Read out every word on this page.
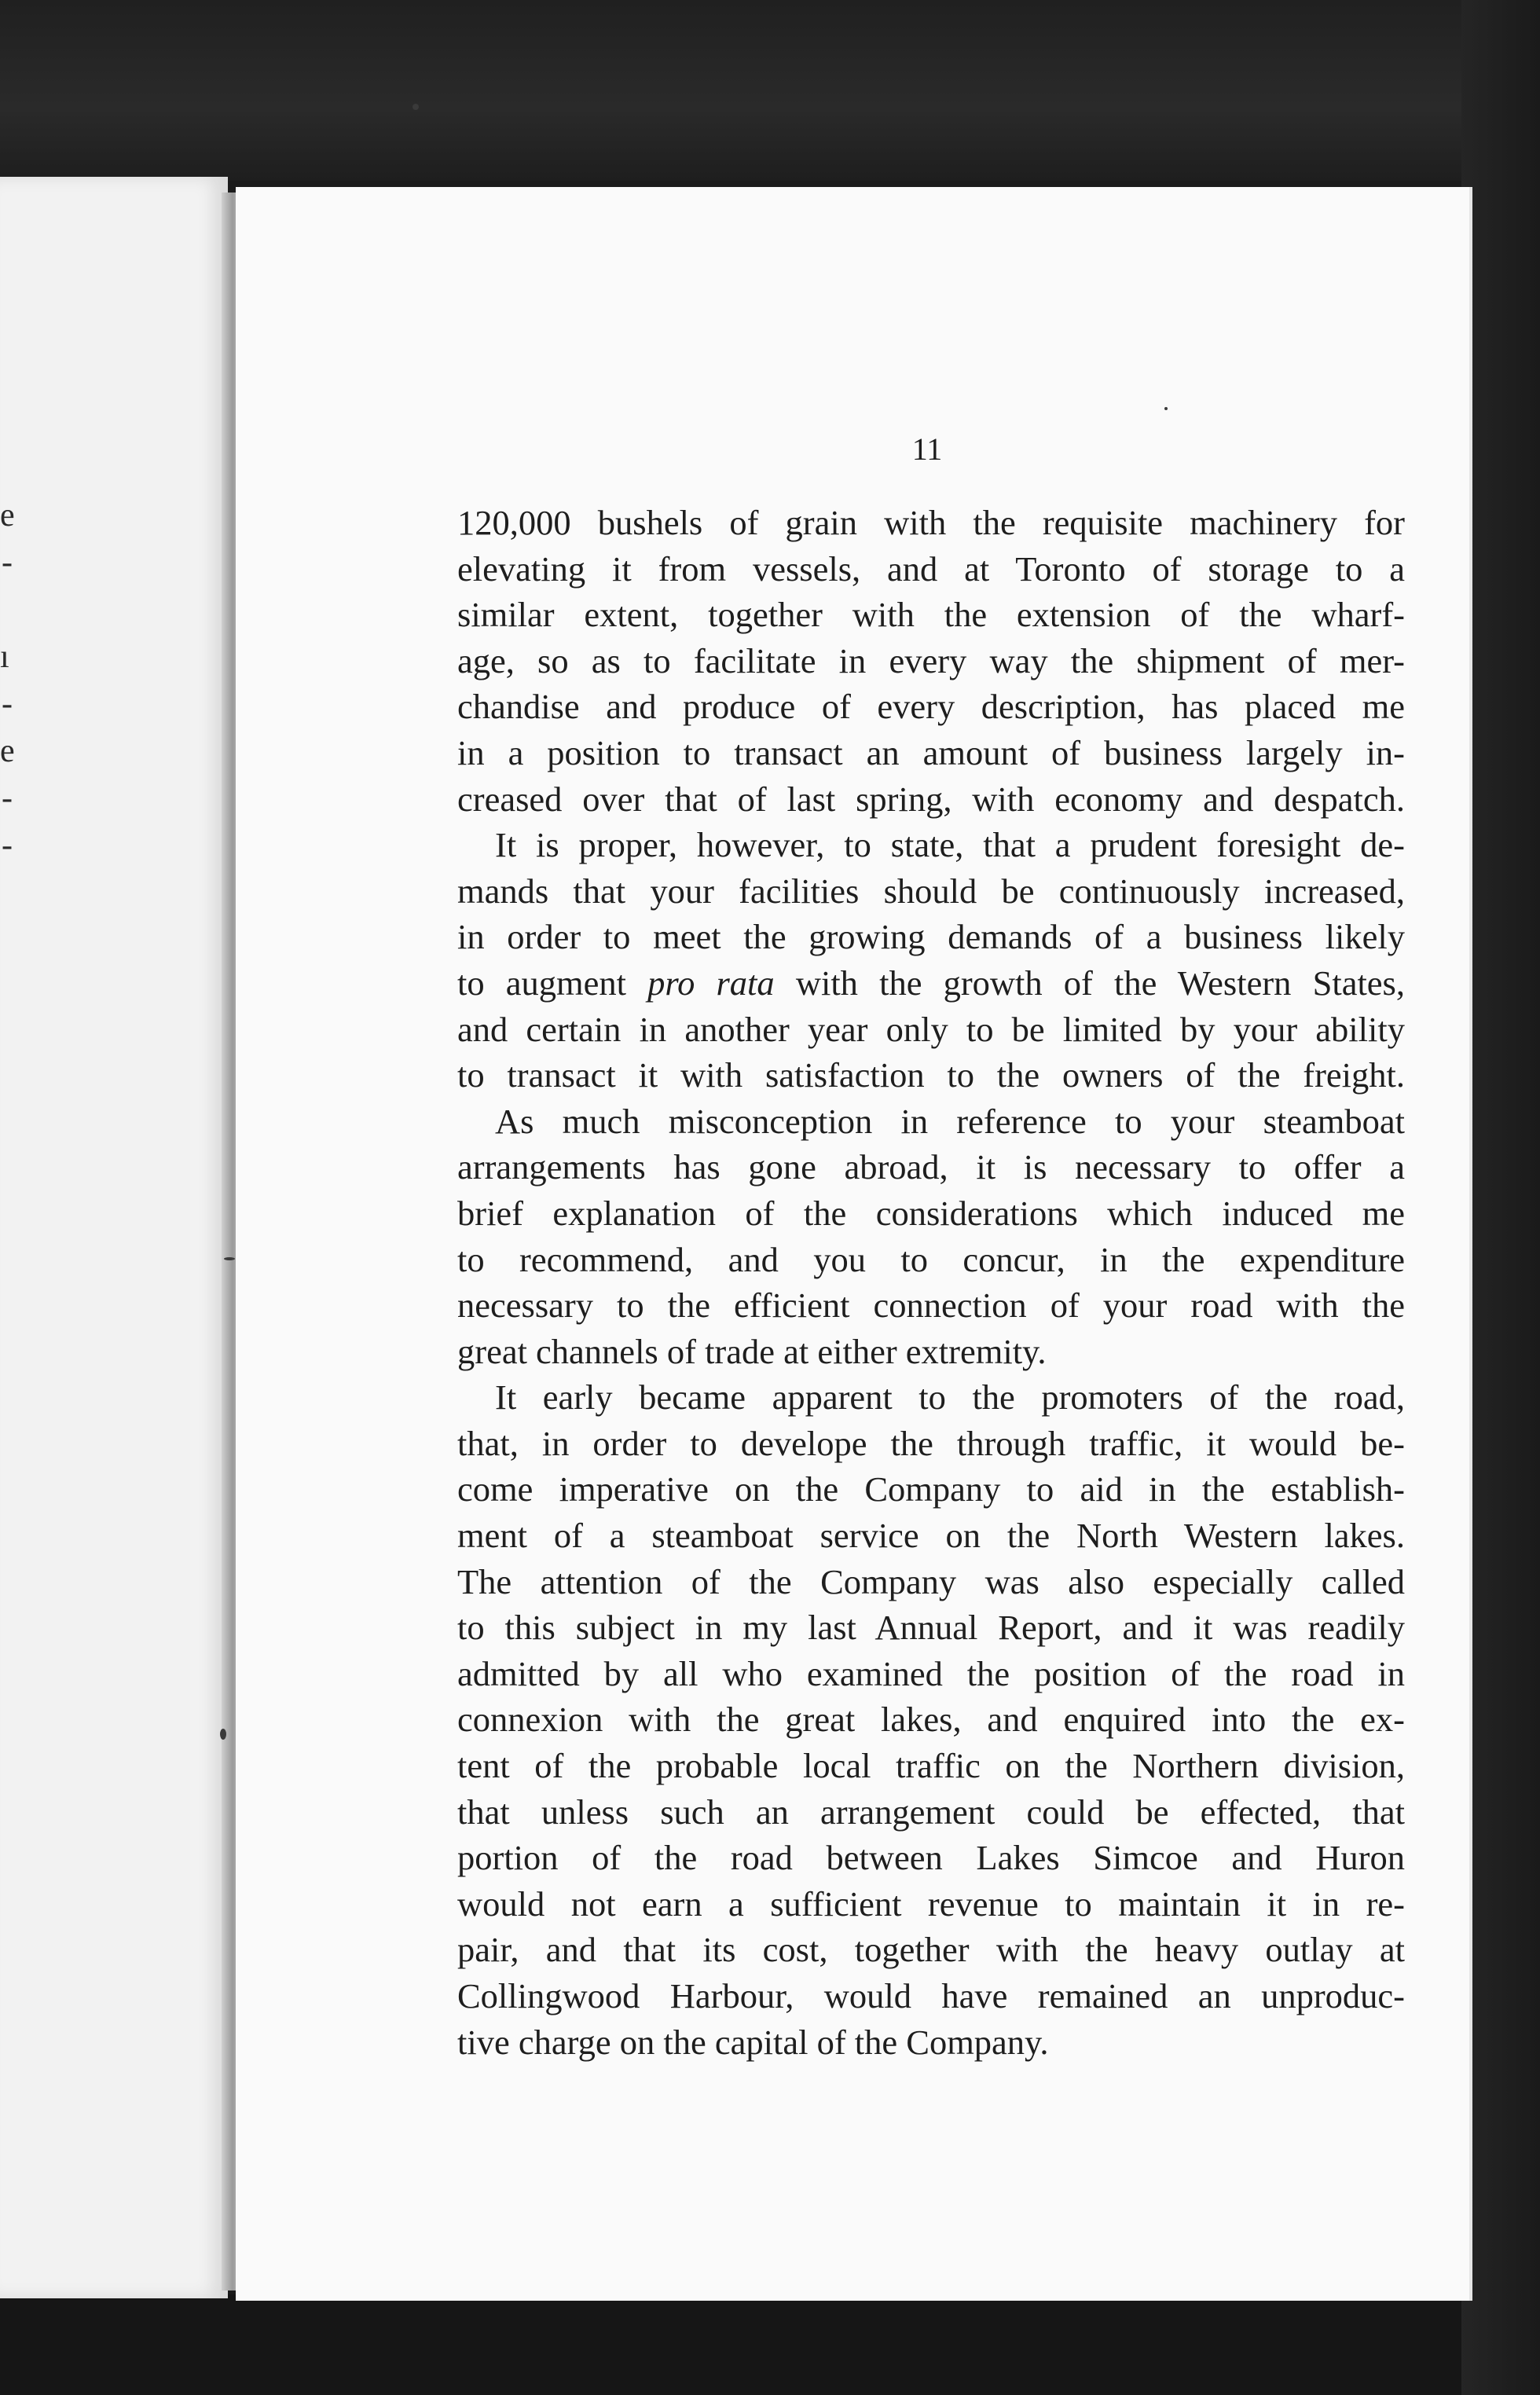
e
-
ı
-
e
-
-
11
120,000 bushels of grain with the requisite machinery for
elevating it from vessels, and at Toronto of storage to a
similar extent, together with the extension of the wharf-
age, so as to facilitate in every way the shipment of mer-
chandise and produce of every description, has placed me
in a position to transact an amount of business largely in-
creased over that of last spring, with economy and despatch.
It is proper, however, to state, that a prudent foresight de-
mands that your facilities should be continuously increased,
in order to meet the growing demands of a business likely
to augment pro rata with the growth of the Western States,
and certain in another year only to be limited by your ability
to transact it with satisfaction to the owners of the freight.
As much misconception in reference to your steamboat
arrangements has gone abroad, it is necessary to offer a
brief explanation of the considerations which induced me
to recommend, and you to concur, in the expenditure
necessary to the efficient connection of your road with the
great channels of trade at either extremity.
It early became apparent to the promoters of the road,
that, in order to develope the through traffic, it would be-
come imperative on the Company to aid in the establish-
ment of a steamboat service on the North Western lakes.
The attention of the Company was also especially called
to this subject in my last Annual Report, and it was readily
admitted by all who examined the position of the road in
connexion with the great lakes, and enquired into the ex-
tent of the probable local traffic on the Northern division,
that unless such an arrangement could be effected, that
portion of the road between Lakes Simcoe and Huron
would not earn a sufficient revenue to maintain it in re-
pair, and that its cost, together with the heavy outlay at
Collingwood Harbour, would have remained an unproduc-
tive charge on the capital of the Company.
